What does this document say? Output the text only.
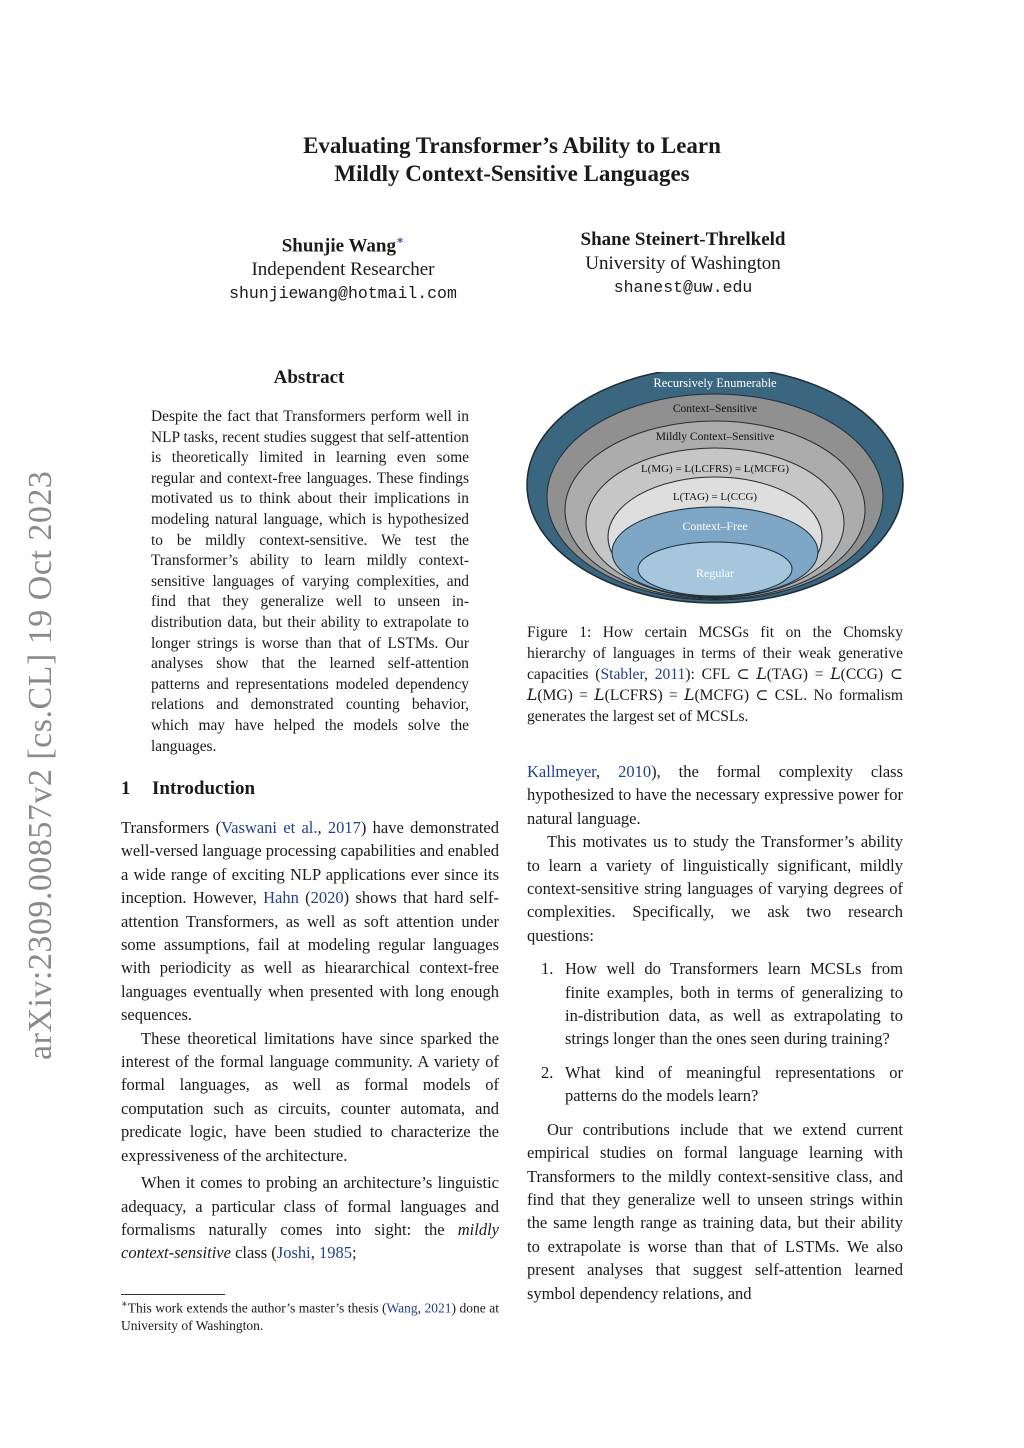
Evaluating Transformer’s Ability to Learn
Mildly Context-Sensitive Languages
Shunjie Wang∗
Independent Researcher
shunjiewang@hotmail.com
Shane Steinert-Threlkeld
University of Washington
shanest@uw.edu
arXiv:2309.00857v2 [cs.CL] 19 Oct 2023
Abstract

Despite the fact that Transformers perform well in NLP tasks, recent studies suggest that self-attention is theoretically limited in learning even some regular and context-free languages. These findings motivated us to think about their implications in modeling natural language, which is hypothesized to be mildly context-sensitive. We test the Transformer’s ability to learn mildly context-sensitive languages of varying complexities, and find that they generalize well to unseen in-distribution data, but their ability to extrapolate to longer strings is worse than that of LSTMs. Our analyses show that the learned self-attention patterns and representations modeled dependency relations and demonstrated counting behavior, which may have helped the models solve the languages.

1 Introduction

Transformers (Vaswani et al., 2017) have demonstrated well-versed language processing capabilities and enabled a wide range of exciting NLP applications ever since its inception. However, Hahn (2020) shows that hard self-attention Transformers, as well as soft attention under some assumptions, fail at modeling regular languages with periodicity as well as hieararchical context-free languages eventually when presented with long enough sequences.

These theoretical limitations have since sparked the interest of the formal language community. A variety of formal languages, as well as formal models of computation such as circuits, counter automata, and predicate logic, have been studied to characterize the expressiveness of the architecture.

When it comes to probing an architecture’s linguistic adequacy, a particular class of formal languages and formalisms naturally comes into sight: the mildly context-sensitive class (Joshi, 1985;

∗This work extends the author’s master’s thesis (Wang, 2021) done at University of Washington.
Recursively Enumerable
Context–Sensitive
Mildly Context–Sensitive
L(MG) = L(LCFRS) = L(MCFG)
L(TAG) = L(CCG)
Context–Free
Regular
Figure 1: How certain MCSGs fit on the Chomsky hierarchy of languages in terms of their weak generative capacities (Stabler, 2011): CFL ⊂ L(TAG) = L(CCG) ⊂ L(MG) = L(LCFRS) = L(MCFG) ⊂ CSL. No formalism generates the largest set of MCSLs.

Kallmeyer, 2010), the formal complexity class hypothesized to have the necessary expressive power for natural language.

This motivates us to study the Transformer’s ability to learn a variety of linguistically significant, mildly context-sensitive string languages of varying degrees of complexities. Specifically, we ask two research questions:

1. How well do Transformers learn MCSLs from finite examples, both in terms of generalizing to in-distribution data, as well as extrapolating to strings longer than the ones seen during training?
2. What kind of meaningful representations or patterns do the models learn?

Our contributions include that we extend current empirical studies on formal language learning with Transformers to the mildly context-sensitive class, and find that they generalize well to unseen strings within the same length range as training data, but their ability to extrapolate is worse than that of LSTMs. We also present analyses that suggest self-attention learned symbol dependency relations, and
